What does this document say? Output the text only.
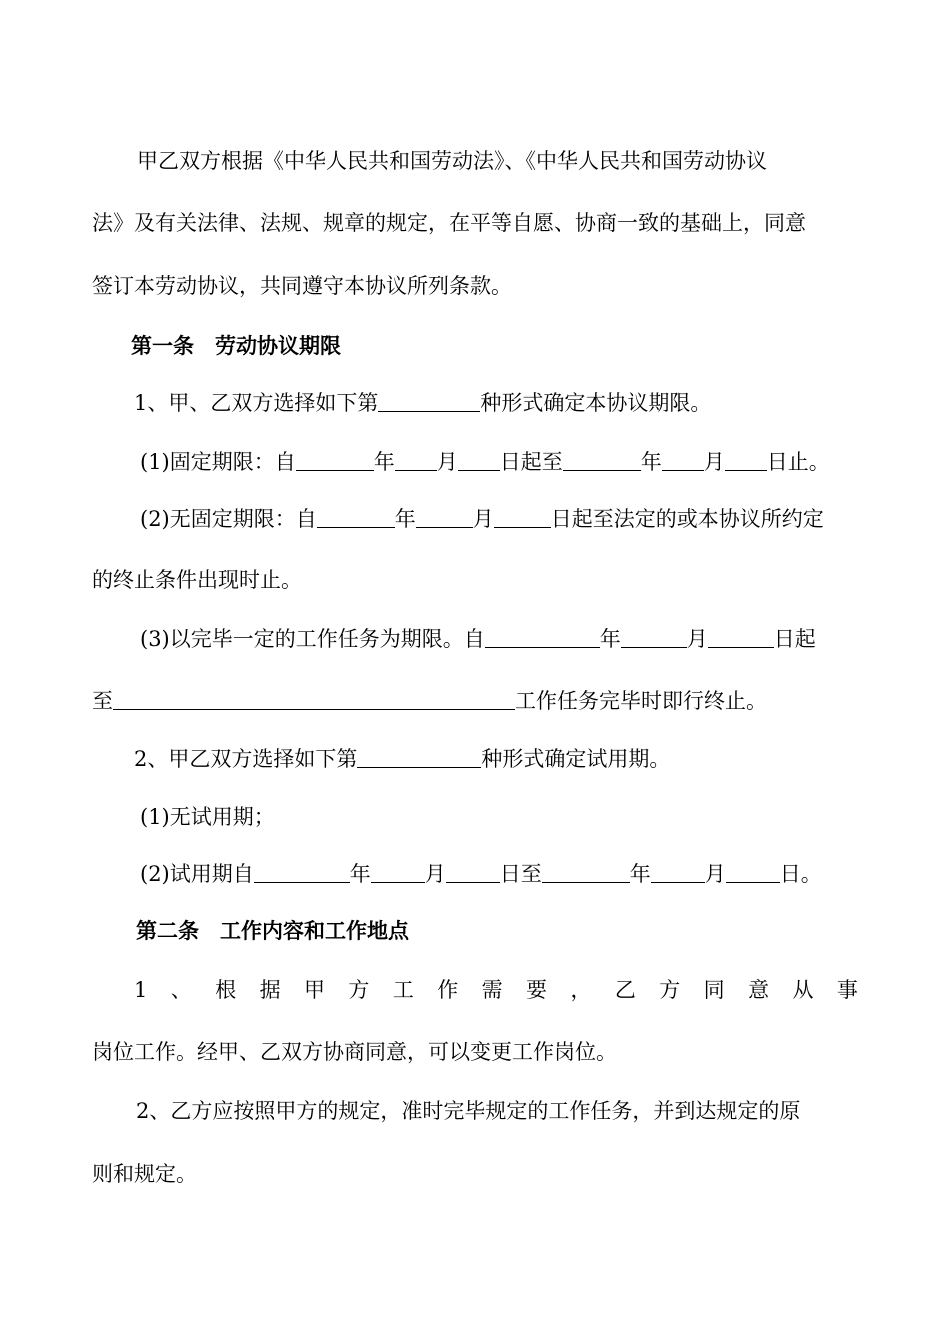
甲乙双方根据《中华人民共和国劳动法》、《中华人民共和国劳动协议
法》及有关法律、法规、规章的规定，在平等自愿、协商一致的基础上，同意
签订本劳动协议，共同遵守本协议所列条款。
第一条　劳动协议期限
1、甲、乙双方选择如下第	种形式确定本协议期限。
(1)固定期限：自	年 月 日起至	年 月 日止。
(2)无固定期限：自	年	月	日起至法定的或本协议所约定
的终止条件出现时止。
(3)以完毕一定的工作任务为期限。自	年	月	日起
至	工作任务完毕时即行终止。
2、甲乙双方选择如下第	种形式确定试用期。
(1)无试用期；
(2)试用期自	年	月	日至	年	月	日。
第二条　工作内容和工作地点
1 、 根 据 甲 方 工 作 需 要 ， 乙 方 同 意 从 事
岗位工作。经甲、乙双方协商同意，可以变更工作岗位。
2、乙方应按照甲方的规定，准时完毕规定的工作任务，并到达规定的原
则和规定。
